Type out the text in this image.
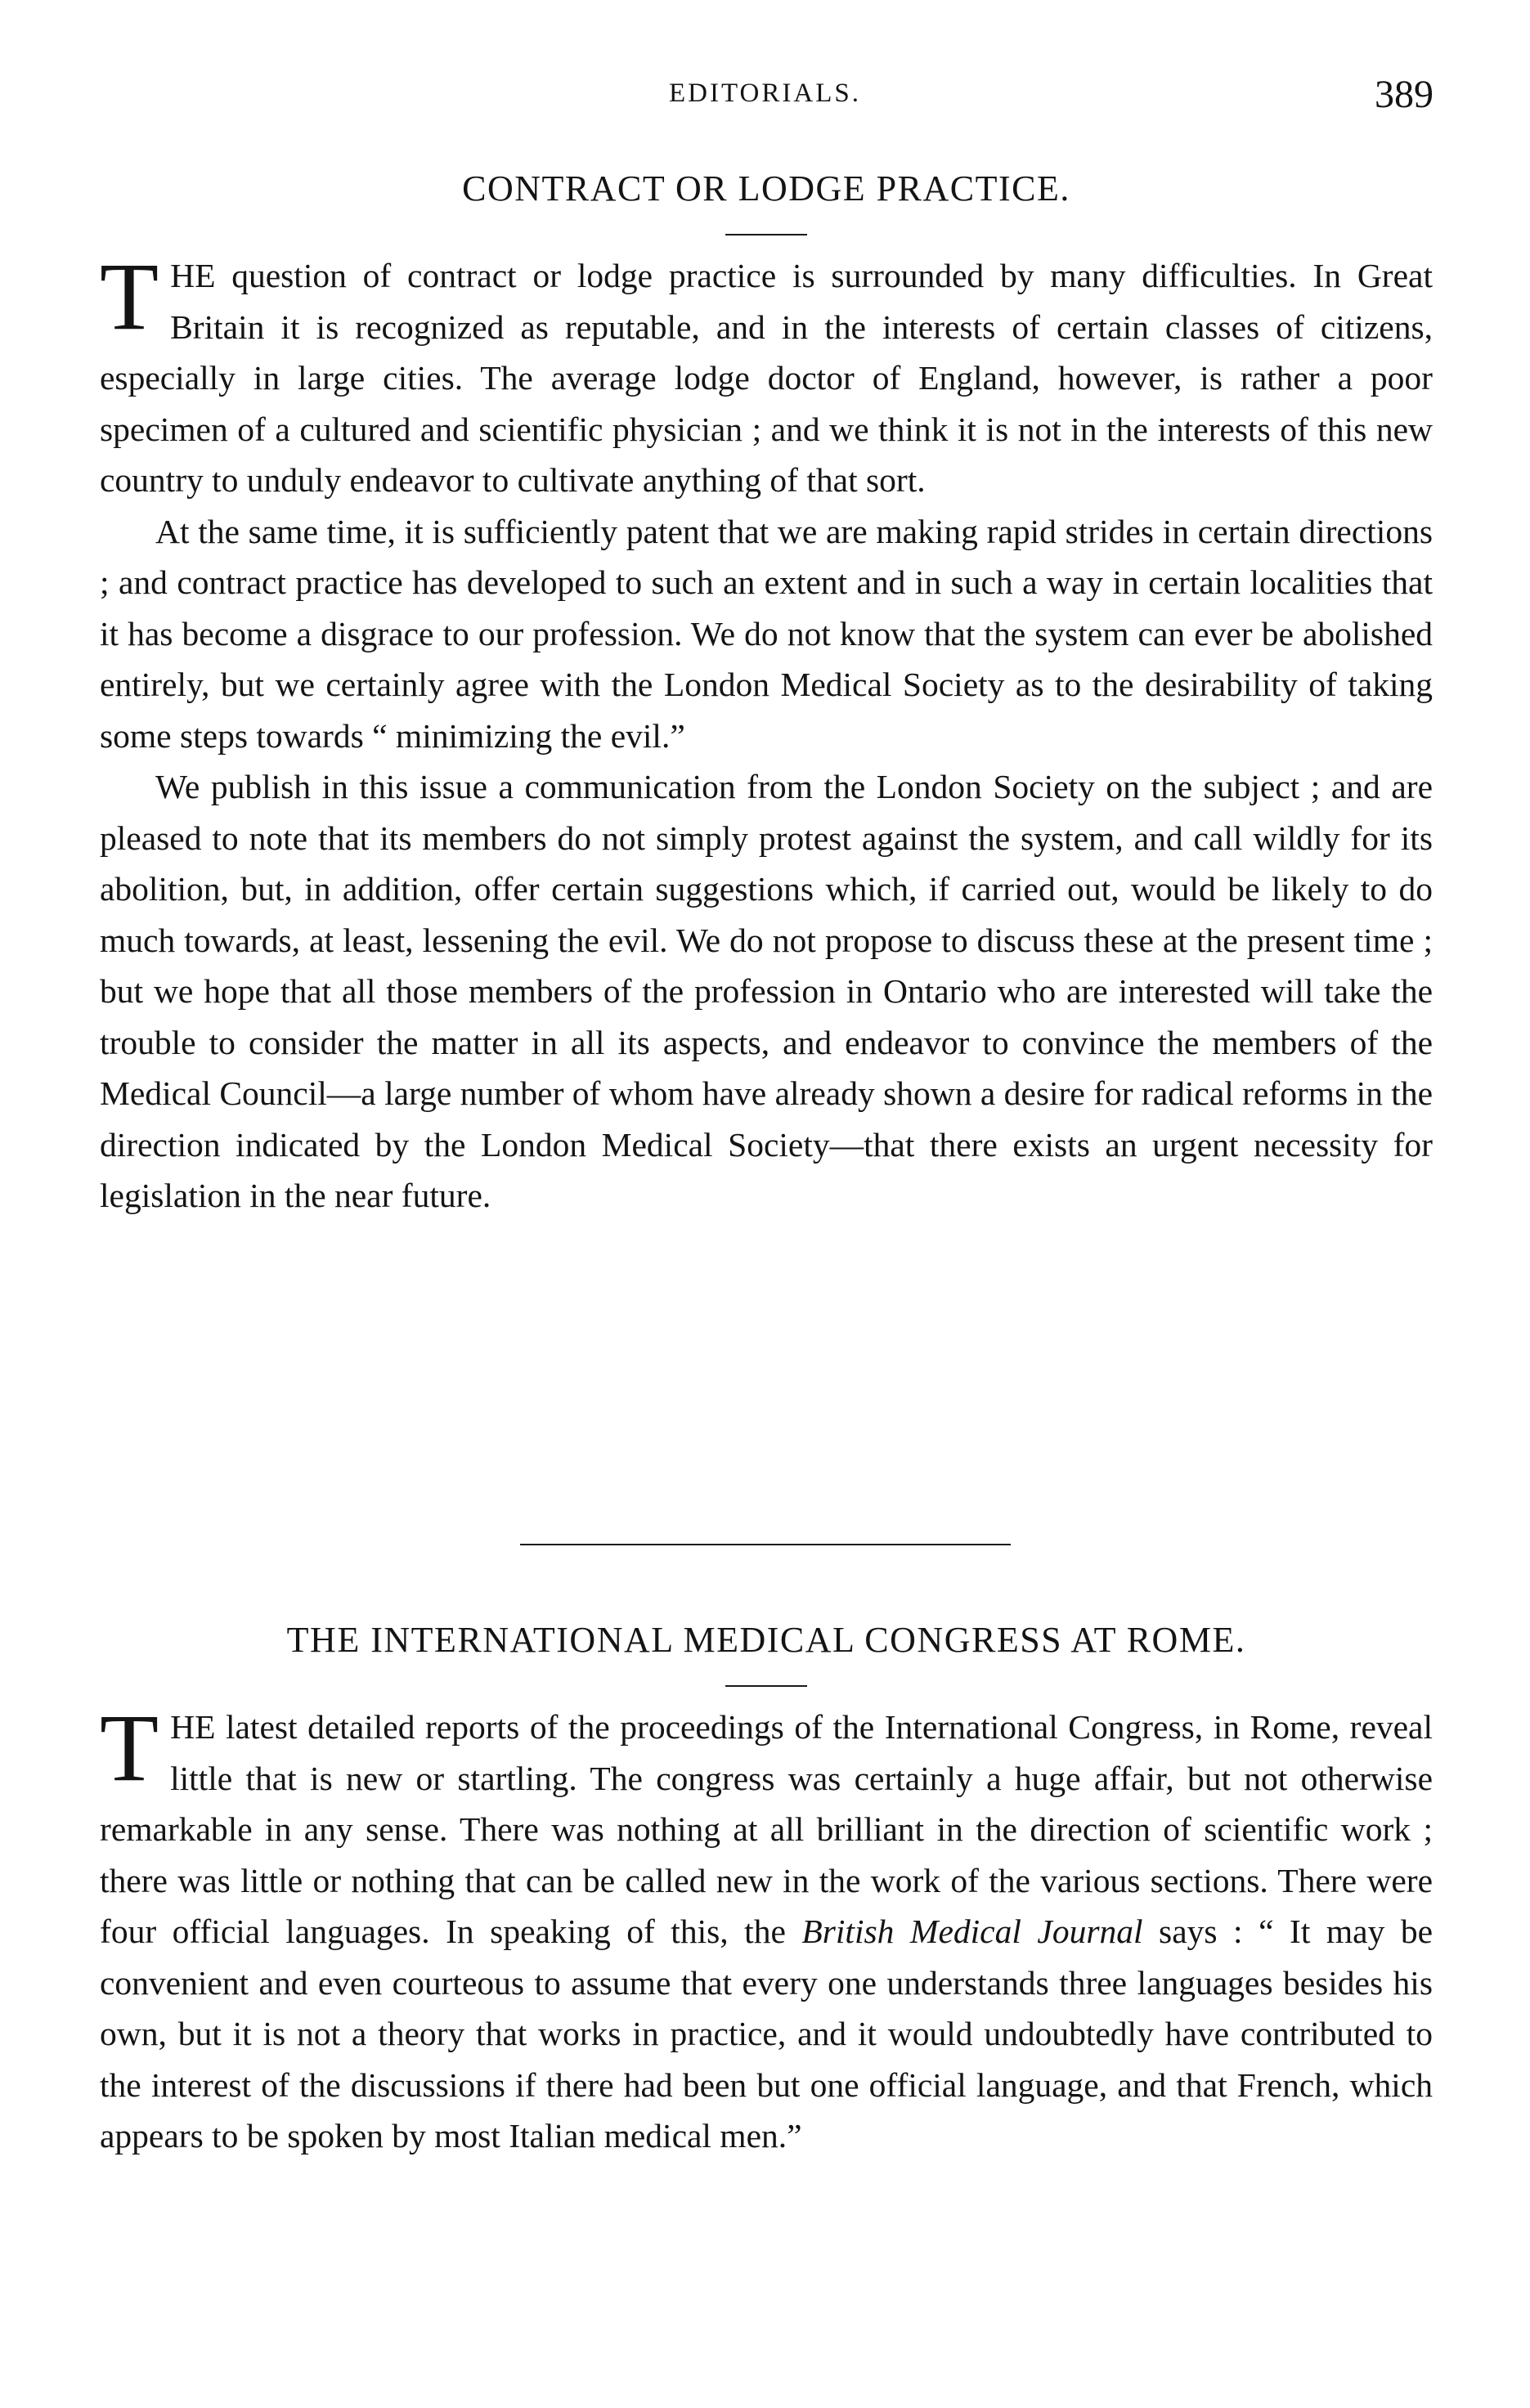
EDITORIALS.	389
CONTRACT OR LODGE PRACTICE.

THE question of contract or lodge practice is surrounded by many difficulties. In Great Britain it is recognized as reputable, and in the interests of certain classes of citizens, especially in large cities. The average lodge doctor of England, however, is rather a poor specimen of a cultured and scientific physician ; and we think it is not in the interests of this new country to unduly endeavor to cultivate anything of that sort.

At the same time, it is sufficiently patent that we are making rapid strides in certain directions ; and contract practice has developed to such an extent and in such a way in certain localities that it has become a disgrace to our profession. We do not know that the system can ever be abolished entirely, but we certainly agree with the London Medical Society as to the desirability of taking some steps towards “ minimizing the evil.”

We publish in this issue a communication from the London Society on the subject ; and are pleased to note that its members do not simply protest against the system, and call wildly for its abolition, but, in addition, offer certain suggestions which, if carried out, would be likely to do much towards, at least, lessening the evil. We do not propose to discuss these at the present time ; but we hope that all those members of the profession in Ontario who are interested will take the trouble to consider the matter in all its aspects, and endeavor to convince the members of the Medical Council—a large number of whom have already shown a desire for radical reforms in the direction indicated by the London Medical Society—that there exists an urgent necessity for legislation in the near future.

THE INTERNATIONAL MEDICAL CONGRESS AT ROME.

THE latest detailed reports of the proceedings of the International Congress, in Rome, reveal little that is new or startling. The congress was certainly a huge affair, but not otherwise remarkable in any sense. There was nothing at all brilliant in the direction of scientific work ; there was little or nothing that can be called new in the work of the various sections. There were four official languages. In speaking of this, the British Medical Journal says : “ It may be convenient and even courteous to assume that every one understands three languages besides his own, but it is not a theory that works in practice, and it would undoubtedly have contributed to the interest of the discussions if there had been but one official language, and that French, which appears to be spoken by most Italian medical men.”
